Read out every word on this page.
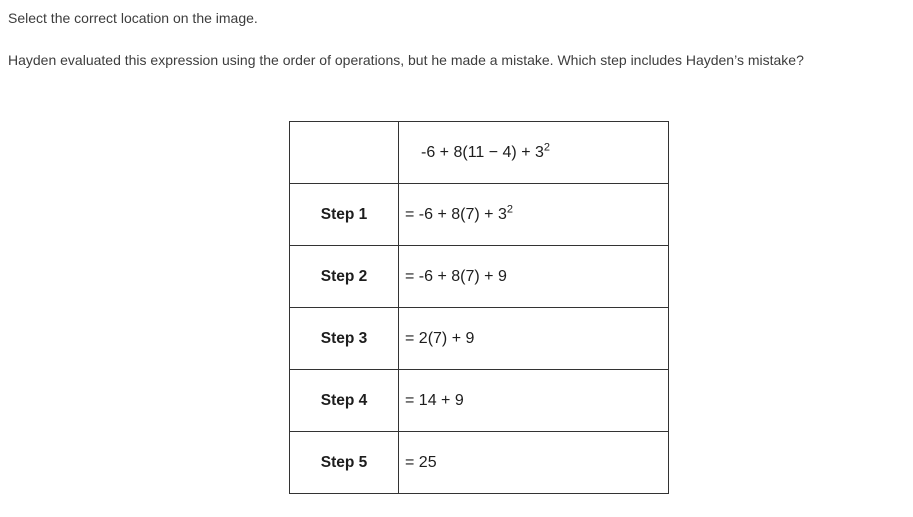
Select the correct location on the image.
Hayden evaluated this expression using the order of operations, but he made a mistake. Which step includes Hayden’s mistake?
	$-6 + 8(11 - 4) + 3^2$
Step 1	= $-6 + 8(7) + 3^2$
Step 2	= -6 + 8(7) + 9
Step 3	= 2(7) + 9
Step 4	= 14 + 9
Step 5	= 25
